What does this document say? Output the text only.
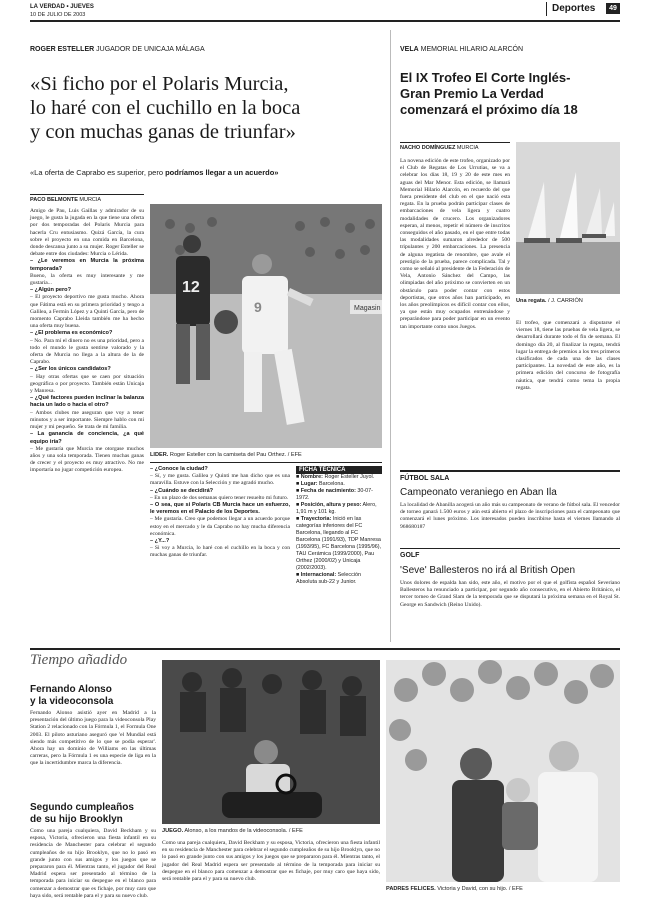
LA VERDAD • JUEVES
10 DE JULIO DE 2003
Deportes	49
ROGER ESTELLER JUGADOR DE UNICAJA MÁLAGA
«Si ficho por el Polaris Murcia,
lo haré con el cuchillo en la boca
y con muchas ganas de triunfar»
«La oferta de Caprabo es superior, pero podríamos llegar a un acuerdo»
PACO BELMONTE MURCIA
Amigo de Pau, Luis Gaillas y admirador de su juego, le gusta la jugada en la que tiene una oferta por dos temporadas del Polaris Murcia para hacerla Cru entusiasmo. Quizá García, la cura sobre el proyecto en una comida en Barcelona, donde descansa junto a su mujer. Roger Esteller se debate entre dos ciudades: Murcia o Lérida.
– ¿Le veremos en Murcia la próxima temporada?
Bueno, la oferta es muy interesante y me gustaría...
– ¿Algún pero?
– El proyecto deportivo me gusta mucho. Ahora que Fátima está en su primera prioridad y tengo a Galilea, a Fermín López y a Quinti García, pero de momento Caprabo Lleida también me ha hecho una oferta muy buena.
– ¿El problema es económico?
– No. Para mí el dinero no es una prioridad, pero a todo el mundo le gusta sentirse valorado y la oferta de Murcia no llega a la altura de la de Caprabo.
– ¿Ser los únicos candidatos?
– Hay otras ofertas que se caen por situación geográfica o por proyecto. También están Unicaja y Manresa.
– ¿Qué factores pueden inclinar la balanza hacia un lado o hacia el otro?
– Ambos clubes me aseguran que voy a tener minutos y a ser importante. Siempre hablo con mi mujer y mi pequeño. Se trata de mi familia.
– La ganancia de conciencia, ¿a qué equipo iría?
– Me gustaría que Murcia me otorgase muchos años y una sola temporada. Tienen muchas ganas de crecer y el proyecto es muy atractivo. No me importaría no jugar competición europea.
Magasin
12
9
LIDER. Roger Esteller con la camiseta del Pau Orthez. / EFE
– ¿Conoce la ciudad?
– Sí, y me gusta. Galilea y Quinti me han dicho que es una maravilla. Estuve con la Selección y me agradó mucho.
– ¿Cuándo se decidirá?
– En un plazo de dos semanas quiero tener resuelto mi futuro.
– O sea, que si Polaris CB Murcia hace un esfuerzo, le veremos en el Palacio de los Deportes.
– Me gustaría. Creo que podemos llegar a un acuerdo porque estoy en el mercado y le da Caprabo no hay mucha diferencia económica.
– ¿Y...?
– Si voy a Murcia, lo haré con el cuchillo en la boca y con muchas ganas de triunfar.
FICHA TÉCNICA
■ Nombre: Roger Esteller Juyol.
■ Lugar: Barcelona.
■ Fecha de nacimiento: 30-07-1972.
■ Posición, altura y peso: Alero, 1,91 m y 101 kg.
■ Trayectoria: Inició en las categorías inferiores del FC Barcelona, llegando al FC Barcelona (1991/93), TDP Manresa (1993/95), FC Barcelona (1995/96), TAU Cerámica (1999/2000), Pau Orthez (2000/02) y Unicaja (2002/2003).
■ Internacional: Selección Absoluta sub-22 y Junior.
VELA MEMORIAL HILARIO ALARCÓN
El IX Trofeo El Corte Inglés-
Gran Premio La Verdad
comenzará el próximo día 18
NACHO DOMÍNGUEZ MURCIA
La novena edición de este trofeo, organizado por el Club de Regatas de Los Urrutias, se va a celebrar los días 18, 19 y 20 de este mes en aguas del Mar Menor. Esta edición, se llamará Memorial Hilario Alarcón, en recuerdo del que fuera presidente del club en el que nació esta regata. En la prueba podrán participar clases de embarcaciones de vela ligera y cuatro modalidades de crucero. Los organizadores esperan, al menos, repetir el número de inscritos conseguidos el año pasado, en el que entre todas las modalidades sumaron alrededor de 500 tripulantes y 200 embarcaciones. La presencia de alguna regatista de renombre, que avale el prestigio de la prueba, parece complicada. Tal y como se señaló al presidente de la Federación de Vela, Antonio Sánchez del Campo, las olimpiadas del año próximo se convierten en un obstáculo para poder contar con estos deportistas, que otros años han participado, en los años preolímpicos es difícil contar con ellos, ya que están muy ocupados entrenándose y preparándose para poder participar en un evento tan importante como unos Juegos.
Una regata. / J. CARRIÓN
El trofeo, que comenzará a disputarse el viernes 18, tiene las pruebas de vela ligera, se desarrollará durante todo el fin de semana. El domingo día 20, al finalizar la regata, tendrá lugar la entrega de premios a los tres primeros clasificados de cada una de las clases participantes. La novedad de este año, es la primera edición del concurso de fotografía náutica, que tendrá como tema la propia regata.
FÚTBOL SALA
Campeonato veraniego en Aban Ila
La localidad de Abanilla acogerá un año más su campeonato de verano de fútbol sala. El vencedor de torneo ganará 1.500 euros y aún está abierto el plazo de inscripciones para el campeonato que comenzará el lunes próximo. Los interesados pueden inscribirse hasta el viernes llamando al 968680187
GOLF
'Seve' Ballesteros no irá al British Open
Unos dolores de espalda han sido, este año, el motivo por el que el golfista español Severiano Ballesteros ha renunciado a participar, por segundo año consecutivo, en el Abierto Británico, el tercer torneo de Grand Slam de la temporada que se disputará la próxima semana en el Royal St. George en Sandwich (Reino Unido).
Tiempo añadido
Fernando Alonso
y la videoconsola
Fernando Alonso asistió ayer en Madrid a la presentación del último juego para la videoconsola Play Station 2 relacionado con la Fórmula 1, el Formula One 2003. El piloto asturiano aseguró que 'el Mundial está siendo más competitivo de lo que se podía esperar'. Ahora hay un dominio de Williams en las últimas carreras, pero la Fórmula 1 es una especie de liga en la que la incertidumbre marca la diferencia.
Segundo cumpleaños
de su hijo Brooklyn
Como una pareja cualquiera, David Beckham y su esposa, Victoria, ofrecieron una fiesta infantil en su residencia de Manchester para celebrar el segundo cumpleaños de su hijo Brooklyn, que no lo pasó en grande junto con sus amigos y los juegos que se prepararon para él. Mientras tanto, el jugador del Real Madrid espera ser presentado al término de la temporada para iniciar su despegue en el blanco para comenzar a demostrar que es fichaje, por muy caro que haya sido, será rentable para el y para su nuevo club.
JUEGO. Alonso, a los mandos de la videoconsola. / EFE
Como una pareja cualquiera, David Beckham y su esposa, Victoria, ofrecieron una fiesta infantil en su residencia de Manchester para celebrar el segundo cumpleaños de su hijo Brooklyn, que no lo pasó en grande junto con sus amigos y los juegos que se prepararon para él. Mientras tanto, el jugador del Real Madrid espera ser presentado al término de la temporada para iniciar su despegue en el blanco para comenzar a demostrar que es fichaje, por muy caro que haya sido, será rentable para el y para su nuevo club.
PADRES FELICES. Victoria y David, con su hijo. / EFE
